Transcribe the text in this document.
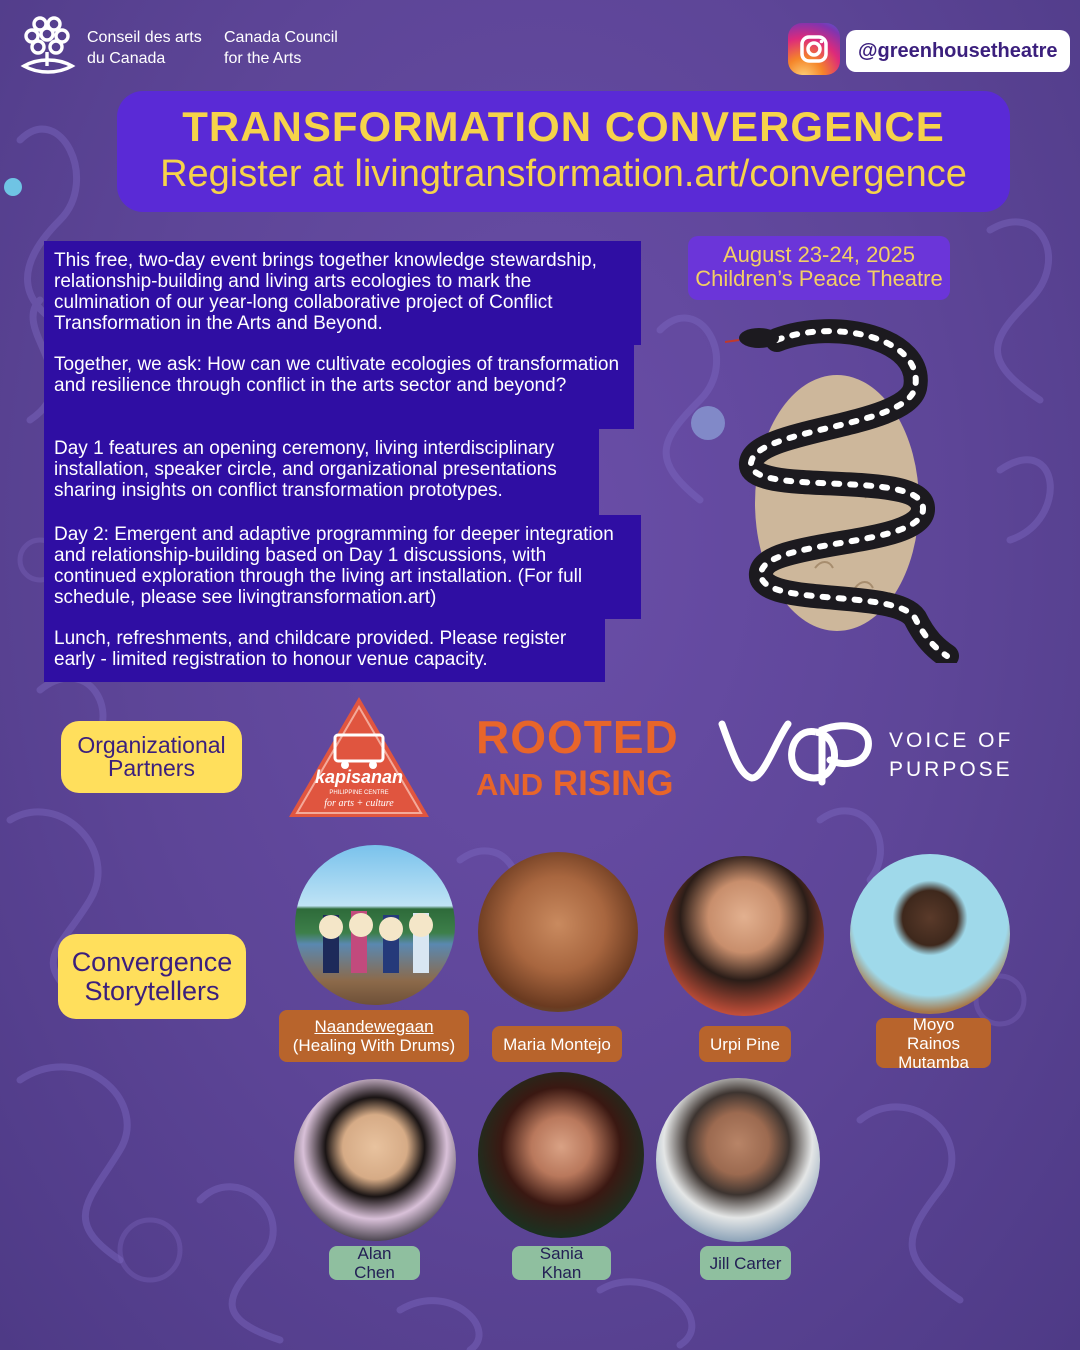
Conseil des arts
du Canada
Canada Council
for the Arts	@greenhousetheatre
TRANSFORMATION CONVERGENCE
Register at livingtransformation.art/convergence
This free, two-day event brings together knowledge stewardship, relationship-building and living arts ecologies to mark the culmination of our year-long collaborative project of Conflict Transformation in the Arts and Beyond.
Together, we ask: How can we cultivate ecologies of transformation and resilience through conflict in the arts sector and beyond?
Day 1 features an opening ceremony, living interdisciplinary installation, speaker circle, and organizational presentations sharing insights on conflict transformation prototypes.
Day 2: Emergent and adaptive programming for deeper integration and relationship-building based on Day 1 discussions, with continued exploration through the living art installation. (For full schedule, please see livingtransformation.art)
Lunch, refreshments, and childcare provided. Please register early - limited registration to honour venue capacity.
August 23-24, 2025
Children’s Peace Theatre
Organizational Partners	kapisanan
PHILIPPINE CENTRE
for arts + culture
ROOTED
AND RISING
VOICE OF
PURPOSE
Convergence Storytellers
Naandewegaan
(Healing With Drums)	Maria Montejo	Urpi Pine
Moyo Rainos Mutamba
Alan Chen
Sania Khan	Jill Carter
